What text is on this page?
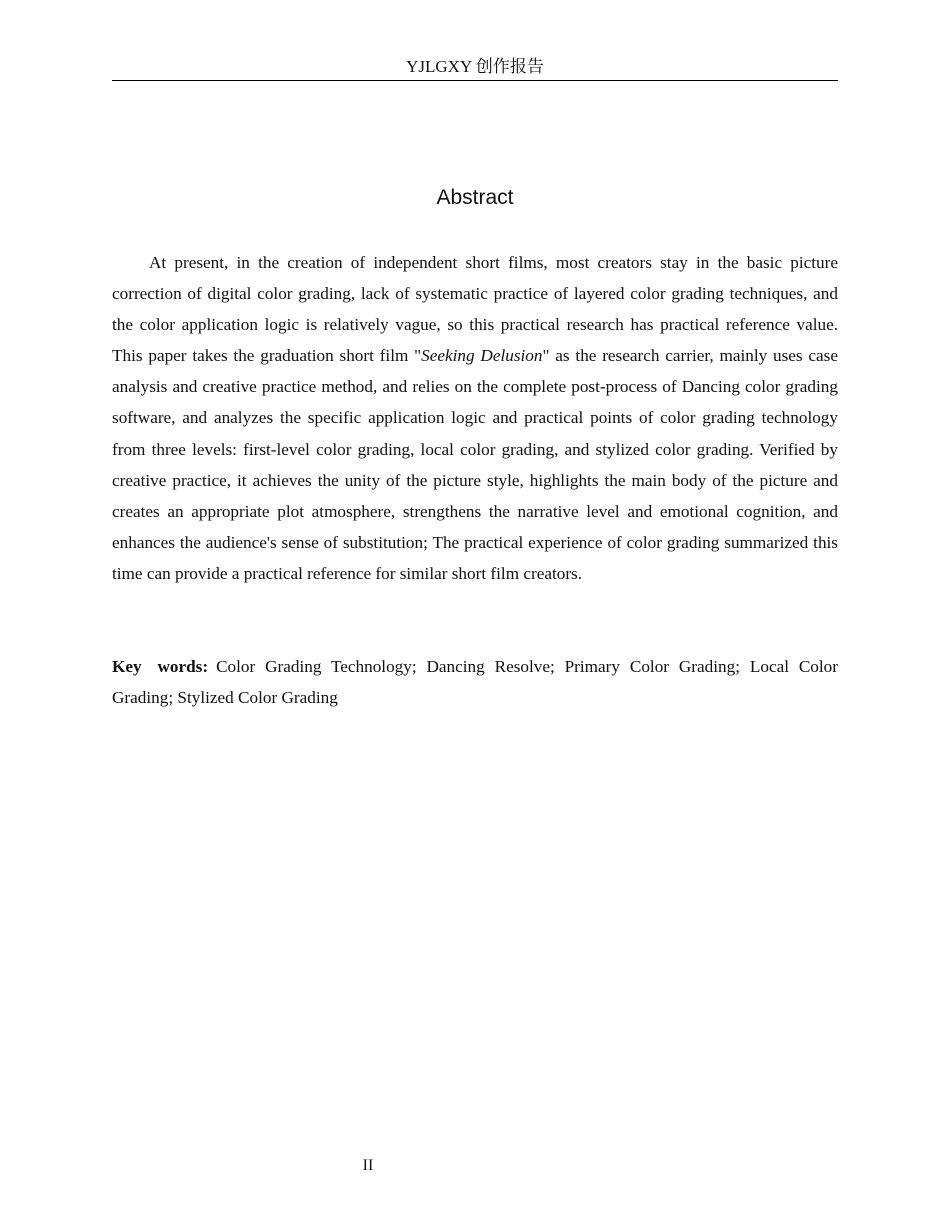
YJLGXY 创作报告
Abstract

At present, in the creation of independent short films, most creators stay in the basic picture correction of digital color grading, lack of systematic practice of layered color grading techniques, and the color application logic is relatively vague, so this practical research has practical reference value. This paper takes the graduation short film "Seeking Delusion" as the research carrier, mainly uses case analysis and creative practice method, and relies on the complete post-process of Dancing color grading software, and analyzes the specific application logic and practical points of color grading technology from three levels: first-level color grading, local color grading, and stylized color grading. Verified by creative practice, it achieves the unity of the picture style, highlights the main body of the picture and creates an appropriate plot atmosphere, strengthens the narrative level and emotional cognition, and enhances the audience's sense of substitution; The practical experience of color grading summarized this time can provide a practical reference for similar short film creators.

Key words: Color Grading Technology; Dancing Resolve; Primary Color Grading; Local Color Grading; Stylized Color Grading

II
